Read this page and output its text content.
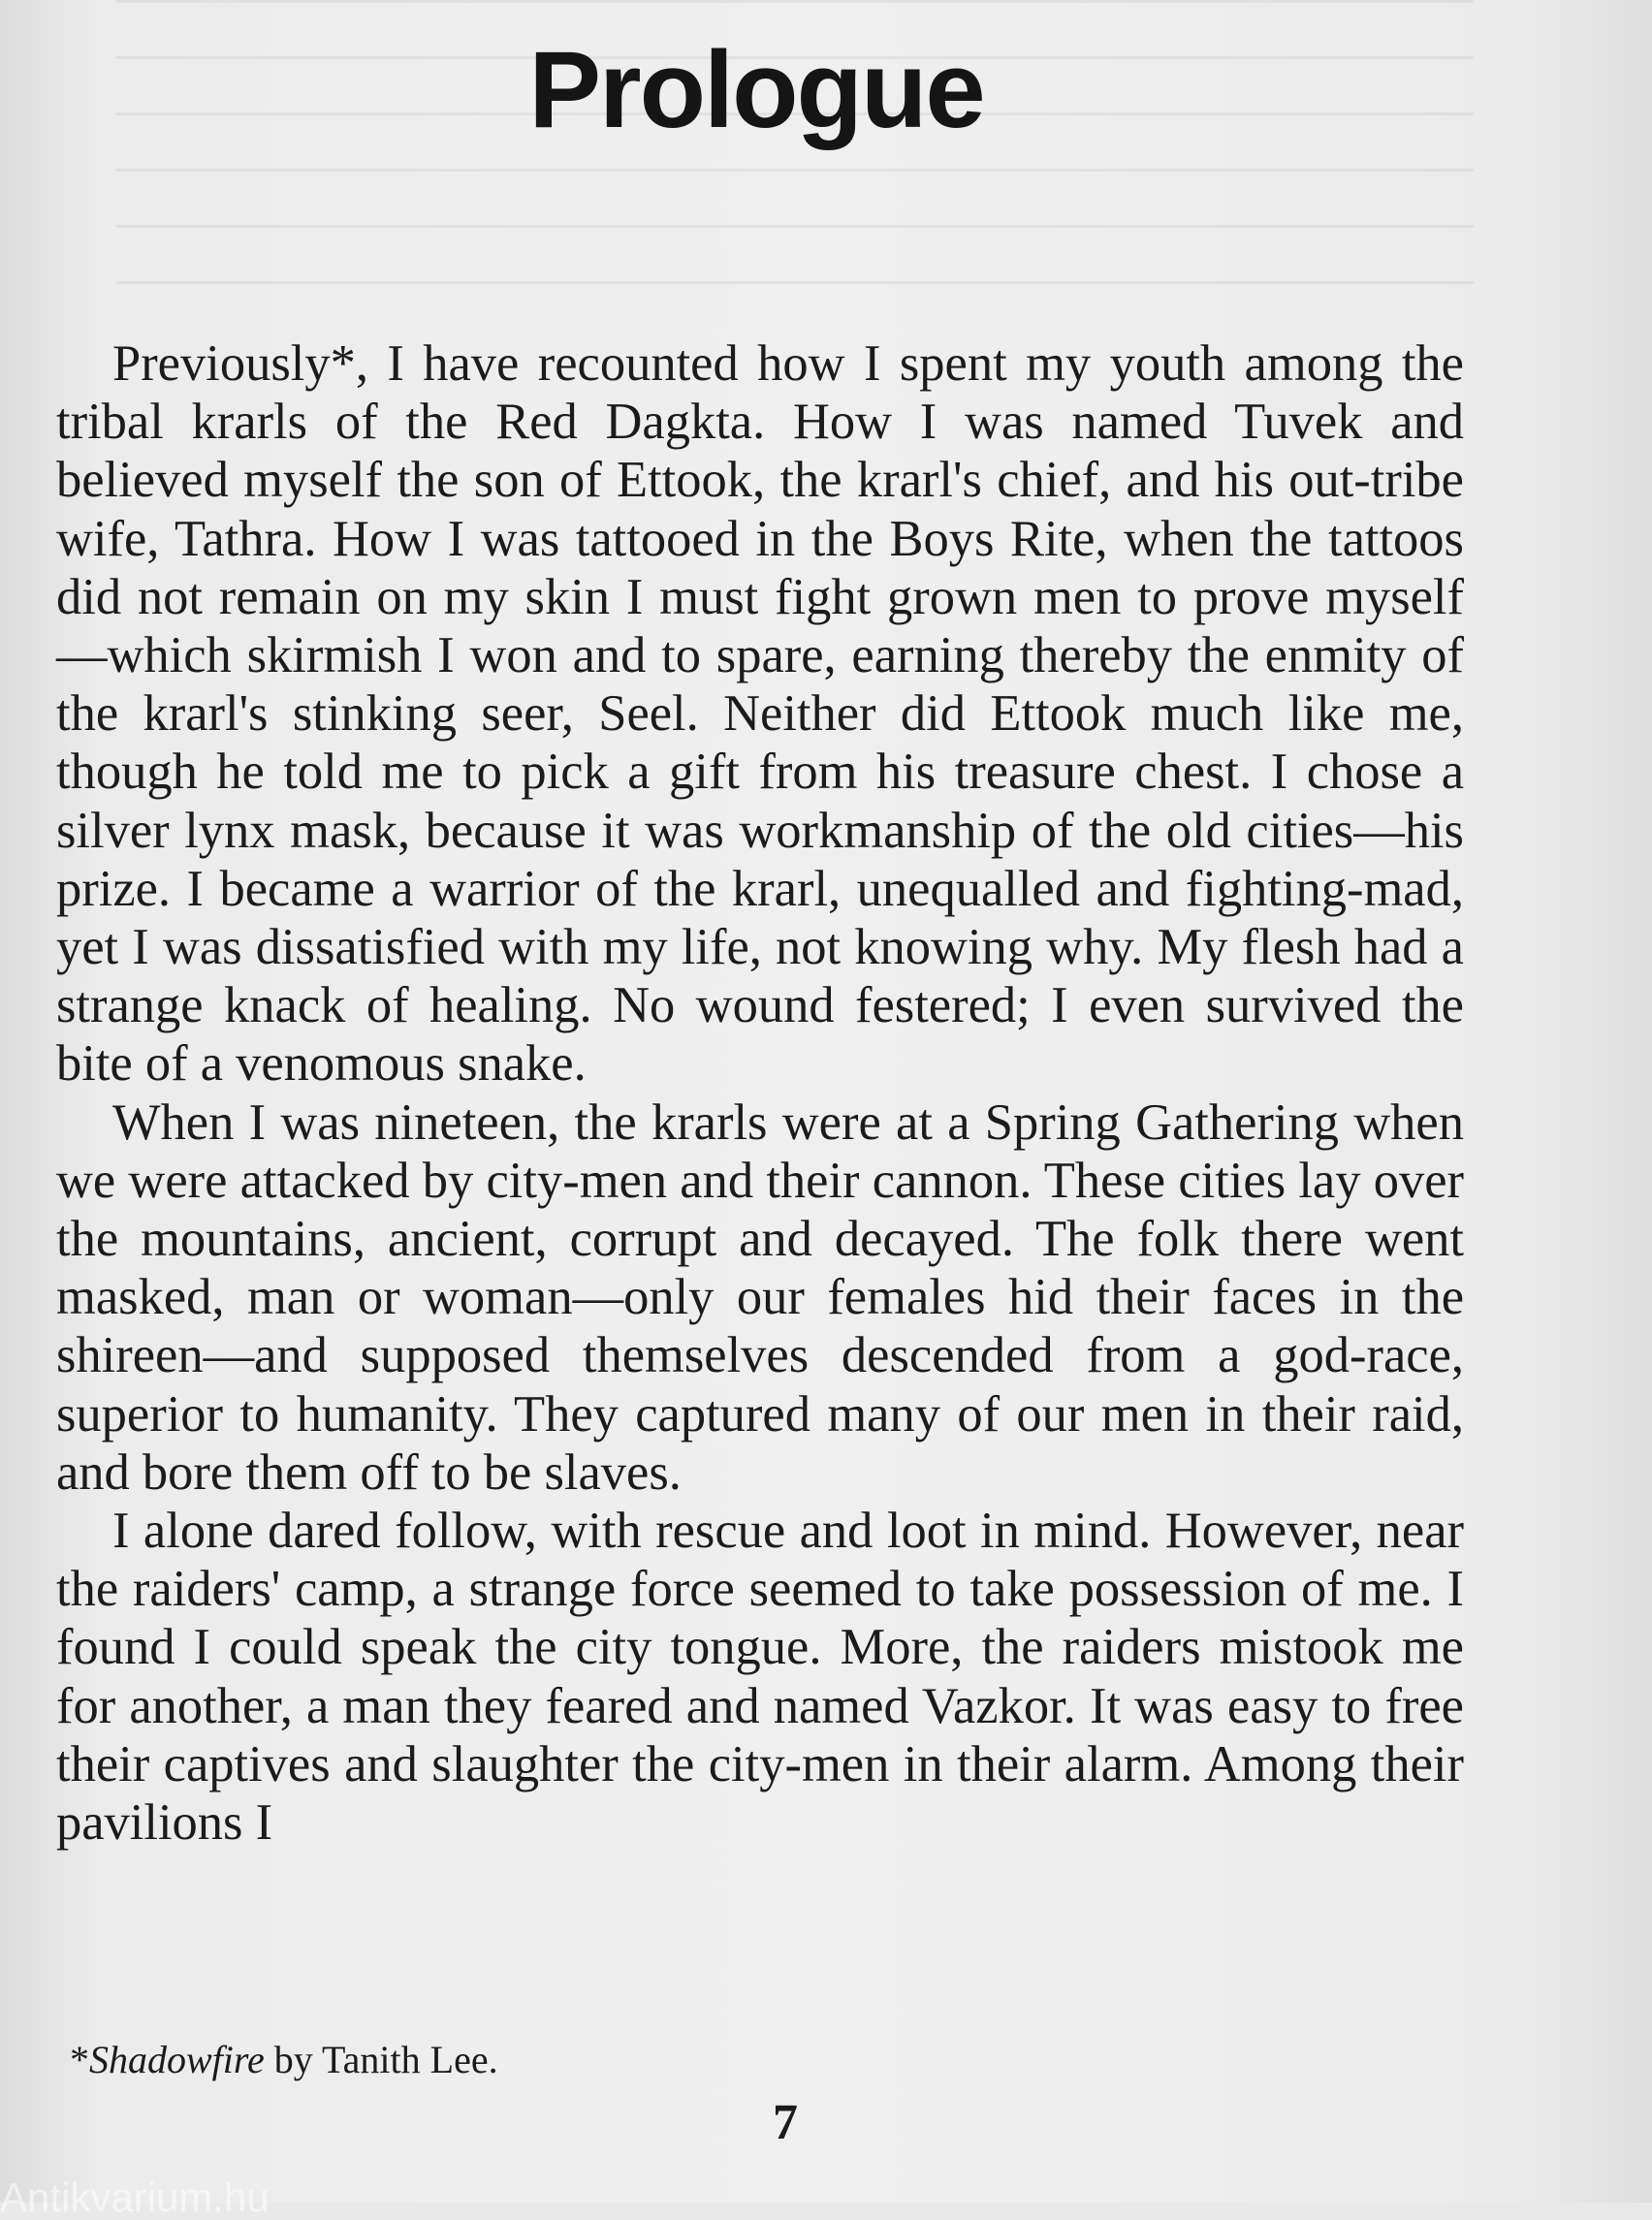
Prologue

Previously*, I have recounted how I spent my youth among the tribal krarls of the Red Dagkta. How I was named Tuvek and believed myself the son of Ettook, the krarl's chief, and his out-tribe wife, Tathra. How I was tattooed in the Boys Rite, when the tattoos did not remain on my skin I must fight grown men to prove myself—which skirmish I won and to spare, earning thereby the enmity of the krarl's stinking seer, Seel. Neither did Ettook much like me, though he told me to pick a gift from his treasure chest. I chose a silver lynx mask, because it was workmanship of the old cities—his prize. I became a warrior of the krarl, unequalled and fighting-mad, yet I was dissatisfied with my life, not knowing why. My flesh had a strange knack of healing. No wound festered; I even survived the bite of a venomous snake.

When I was nineteen, the krarls were at a Spring Gathering when we were attacked by city-men and their cannon. These cities lay over the mountains, ancient, corrupt and decayed. The folk there went masked, man or woman—only our females hid their faces in the shireen—and supposed themselves descended from a god-race, superior to humanity. They captured many of our men in their raid, and bore them off to be slaves.

I alone dared follow, with rescue and loot in mind. However, near the raiders' camp, a strange force seemed to take possession of me. I found I could speak the city tongue. More, the raiders mistook me for another, a man they feared and named Vazkor. It was easy to free their captives and slaughter the city-men in their alarm. Among their pavilions I

*Shadowfire by Tanith Lee.
7
Antikvarium.hu
